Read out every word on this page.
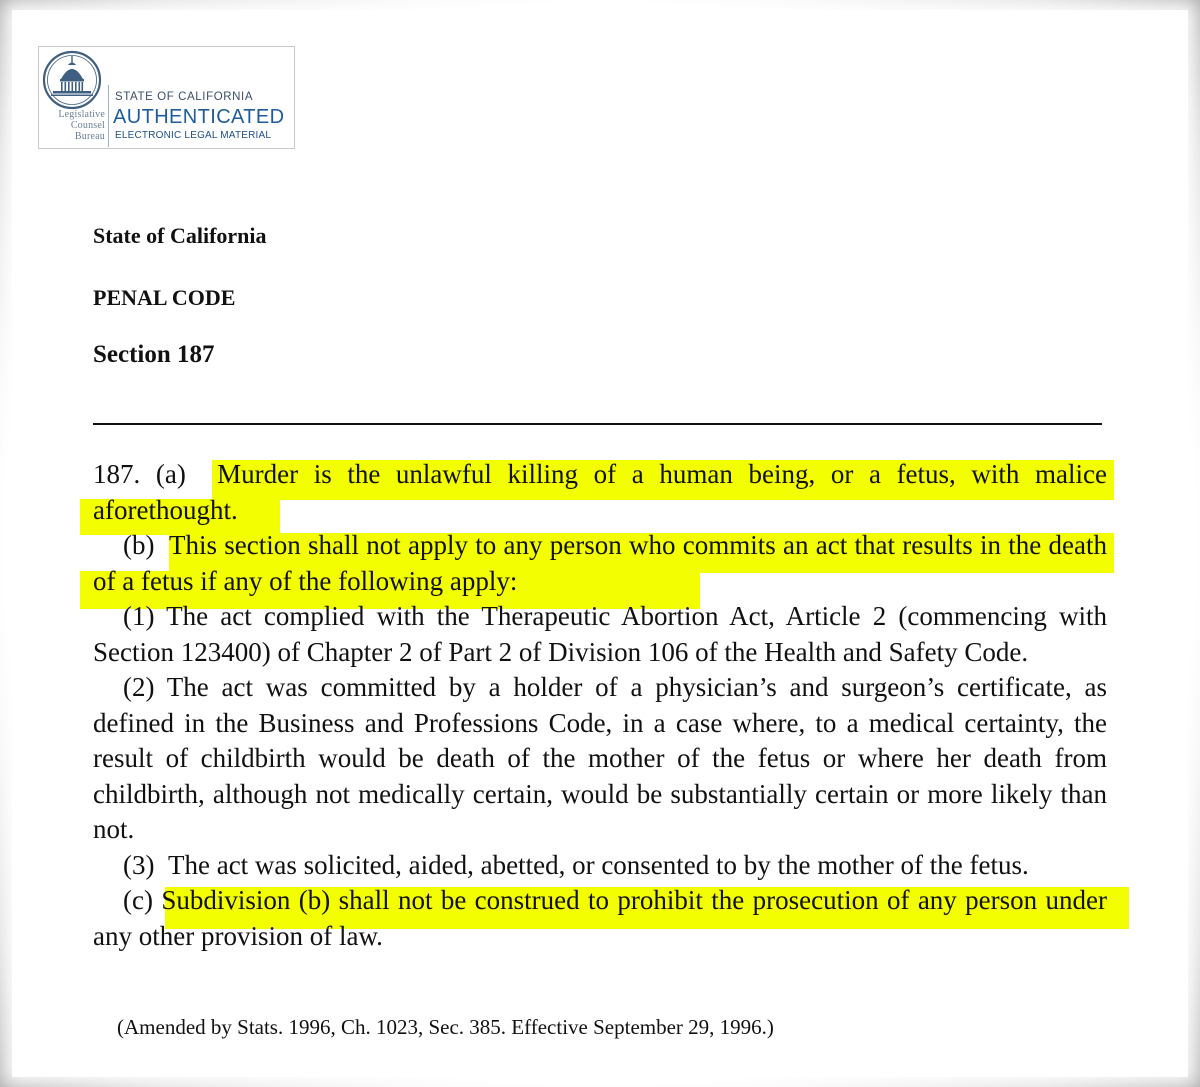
Legislative
Counsel
Bureau
STATE OF CALIFORNIA
AUTHENTICATED
ELECTRONIC LEGAL MATERIAL
State of California
PENAL CODE
Section 187

187. (a) Murder is the unlawful killing of a human being, or a fetus, with malice aforethought.

(b) This section shall not apply to any person who commits an act that results in the death of a fetus if any of the following apply:

(1) The act complied with the Therapeutic Abortion Act, Article 2 (commencing with Section 123400) of Chapter 2 of Part 2 of Division 106 of the Health and Safety Code.

(2) The act was committed by a holder of a physician’s and surgeon’s certificate, as defined in the Business and Professions Code, in a case where, to a medical certainty, the result of childbirth would be death of the mother of the fetus or where her death from childbirth, although not medically certain, would be substantially certain or more likely than not.

(3) The act was solicited, aided, abetted, or consented to by the mother of the fetus.

(c) Subdivision (b) shall not be construed to prohibit the prosecution of any person under any other provision of law.

(Amended by Stats. 1996, Ch. 1023, Sec. 385. Effective September 29, 1996.)
